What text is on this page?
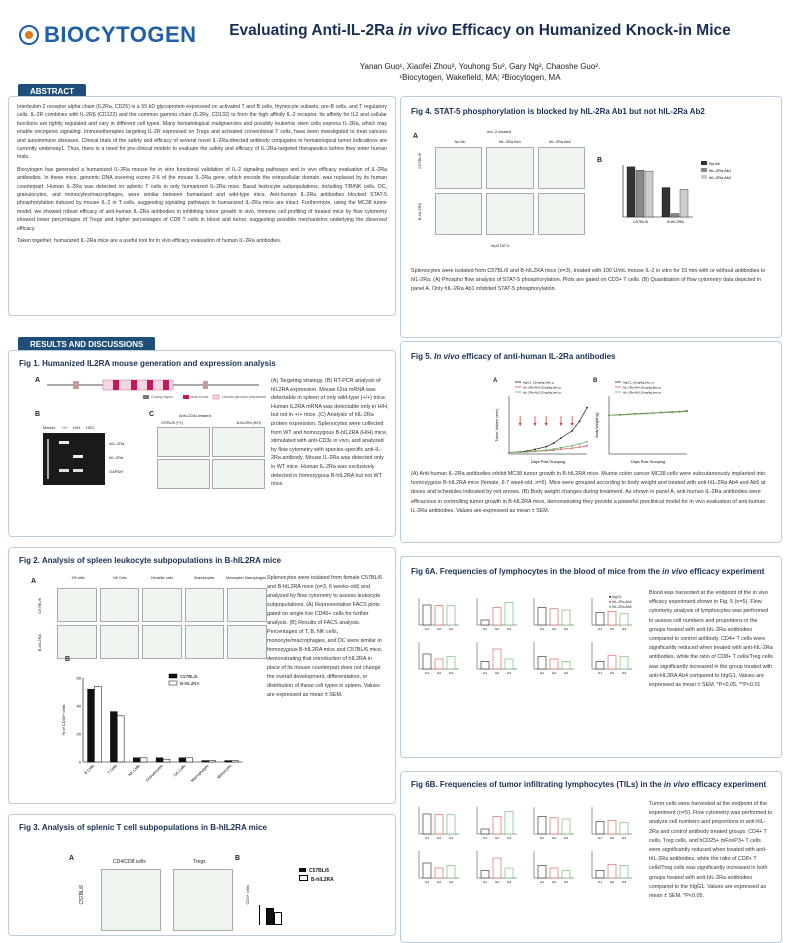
BIOCYTOGEN	Evaluating Anti-IL-2Ra in vivo Efficacy on Humanized Knock-in Mice
Yanan Guo¹, Xiaofei Zhou², Youhong Su², Gary Ng², Chaoshe Guo².
¹Biocytogen, Wakefield, MA; ²Biocytogen, MA
ABSTRACT

Interleukin-2 receptor alpha chain (IL2Ra, CD25) is a 55 kD glycoprotein expressed on activated T and B cells, thymocyte subsets, pre-B cells, and T regulatory cells. IL-2R combines with IL-2Rβ (CD122) and the common gamma chain (IL2Rγ, CD132) to form the high affinity IL-2 receptor. Its affinity for IL2 and cellular functions are tightly regulated and vary in different cell types. Many hematological malignancies and possibly leukemic stem cells express IL-2Ra, which may enable oncogenic signaling. Immunotherapies targeting IL-2R expressed on Tregs and activated conventional T cells, have been investigated to treat cancers and autoimmune diseases. Clinical trials of the safety and efficacy of several novel IL-2Ra-directed antibody conjugates in hematological tumor indications are currently underway1. Thus, there is a need for pre-clinical models to evaluate the safety and efficacy of IL-2Ra-targeted therapeutics before they enter human trials.

Biocytogen has generated a humanized IL-2Ra mouse for in vitro functional validation of IL-2 signaling pathways and in vivo efficacy evaluation of IL-2Ra antibodies. In these mice, genomic DNA covering exons 2-6 of the mouse IL-2Ra gene, which encode the extracellular domain, was replaced by its human counterpart. Human IL-2Ra was detected on splenic T cells in only humanized IL-2Ra mice. Basal leukocyte subpopulations, including T/B/NK cells, DC, granulocytes, and monocytes/macrophages, were similar between humanized and wild-type mice. Anti-human IL-2Ra antibodies blocked STAT-5 phosphorylation induced by mouse IL-2 in T cells, suggesting signaling pathways in humanized IL-2Ra mice are intact. Furthermore, using the MC38 tumor model, we showed robust efficacy of anti-human IL-2Ra antibodies in inhibiting tumor growth in vivo. Immune cell profiling of treated mice by flow cytometry showed lower percentages of Tregs and higher percentages of CD8 T cells in blood and tumor, suggesting possible mechanisms underlying the observed efficacy.

Taken together, humanized IL-2Ra mice are a useful tool for in vivo efficacy evaluation of human IL-2Ra antibodies.

RESULTS AND DISCUSSIONS
Fig 1. Humanized IL2RA mouse generation and expression analysis
A
Coding region	Human exons	Human genomic sequences
B
Marker +/+ H/H H2O
mIL-2Ra
hIL-2Ra
GAPDH
C	Anti-CD3ε-treated
C57BL/6 (+/+)	B-hIL2RA (H/H)
(A) Targeting strategy. (B) RT-PCR analysis of hIL2RA expression. Mouse Il2ra mRNA was detectable in spleen of only wild-type (+/+) mice. Human IL2RA mRNA was detectable only in H/H, but not in +/+ mice. (C) Analysis of hIL-2Ra protein expression. Splenocytes were collected from WT and homozygous B-hIL2RA (H/H) mice, stimulated with anti-CD3ε in vivo, and analyzed by flow cytometry with species-specific anti-IL-2Ra antibody. Mouse IL-2Ra was detected only in WT mice. Human IL-2Ra was exclusively detected in homozygous B-hIL2RA but not WT mice.
Fig 2. Analysis of spleen leukocyte subpopulations in B-hIL2RA mice
A	T/B cells	NK Cells	Dendritic cells	Granulocytes	Monocytes/ Macrophages
C57BL/6
B-hIL2RA
B
0
20
40
60
% of CD45+ cells
B Cells	T Cells	NK Cells Granulocytes DC Cells Macrophages Monocytes
C57BL/6
B-hIL2RA
Splenocytes were isolated from female C57BL/6 and B-hIL2RA mice (n=3, 6 weeks-old) and analyzed by flow cytometry to assess leukocyte subpopulations. (A) Representative FACS plots gated on single live CD45+ cells for further analysis. (B) Results of FACS analysis. Percentages of T, B, NK cells, monocyte/macrophages, and DC were similar in homozygous B-hIL2RA mice and C57BL/6 mice, demonstrating that introduction of hIL2RA in place of its mouse counterpart does not change the overall development, differentiation, or distribution of these cell types in spleen. Values are expressed as mean ± SEM.
Fig 3. Analysis of splenic T cell subpopulations in B-hIL2RA mice
A	CD4/CD8 cells	Tregs
C57BL/6
B
CD3+ cells
C57BL/6
B-hIL2RA
Fig 4. STAT-5 phosphorylation is blocked by hIL-2Ra Ab1 but not hIL-2Ra Ab2
A
mIL-2-treated
No Ab	hIL-2Ra Ab1	hIL-2Ra Ab2
C57BL/6
B-hIL2RA
mpSTAT-5
B
C57BL/6	B-hIL2RA
No Ab
hIL-2Ra Ab1
hIL-2Ra Ab2
Splenocytes were isolated from C57BL/6 and B-hIL2RA mice (n=3), treated with 100 U/mL mouse IL-2 in vitro for 15 min with or without antibodies to hIL-2Ra. (A) Phospho flow analysis of STAT-5 phosphorylation. Plots are gated on CD3+ T cells. (B) Quantitation of flow cytometry data depicted in panel A. Only hIL-2Ra Ab1 inhibited STAT-5 phosphorylation.
Fig 5. In vivo efficacy of anti-human IL-2Ra antibodies
A	hIgG1, 10mg/kg,biw,i.p.
hIL-2Ra Ab4,10mg/kg,biw,i.p.
hIL-2Ra Ab5,10mg/kg,biw,i.p.
Days Post Grouping
Tumor Volume (mm³)
B	hIgG1, 10mg/kg,biw,i.p.
hIL-2Ra Ab4,10mg/kg,biw,i.p.
hIL-2Ra Ab5,10mg/kg,biw,i.p.
Days Post Grouping
Body Weight (g)
(A) Anti-human IL-2Ra antibodies inhibit MC38 tumor growth in B-hIL2RA mice. Murine colon cancer MC38 cells were subcutaneously implanted into homozygous B-hIL2RA mice (female, 6-7 week-old, n=5). Mice were grouped according to body weight and treated with anti-hIL-2Ra Ab4 and Ab5 at doses and schedules indicated by red arrows. (B) Body weight changes during treatment. As shown in panel A, anti-human IL-2Ra antibodies were efficacious in controlling tumor growth in B-hIL2RA mice, demonstrating they provide a powerful preclinical model for in vivo evaluation of anti-human IL-2Ra antibodies. Values are expressed as mean ± SEM.
Fig 6A. Frequencies of lymphocytes in the blood of mice from the in vivo efficacy experiment
G1	G2	G3	G1	G2	G3	G1	G2	G3	G1	G2	G3
G1	G2	G3	G1	G2	G3	G1	G2	G3	G1	G2	G3
■ hIgG1
■ hIL-2Ra Ab4
■ hIL-2Ra Ab5
Blood was harvested at the endpoint of the in vivo efficacy experiment shown in Fig. 5 (n=5). Flow cytometry analysis of lymphocytes was performed to assess cell numbers and proportions in the groups treated with anti-hIL-2Ra antibodies compared to control antibody. CD4+ T cells were significantly reduced when treated with anti-hIL-2Ra antibodies, while the ratio of CD8+ T cells/Treg cells was significantly increased in the group treated with anti-hIL2RA Ab4 compared to hIgG1. Values are expressed as mean ± SEM. *P<0.05, **P<0.01
Fig 6B. Frequencies of tumor infiltrating lymphocytes (TILs) in the in vivo efficacy experiment
G1	G2	G3	G1	G2	G3	G1	G2	G3	G1	G2	G3
G1	G2	G3	G1	G2	G3	G1	G2	G3	G1	G2	G3
Tumor cells were harvested at the endpoint of the experiment (n=5). Flow cytometry was performed to analyze cell numbers and proportions in anti-hIL-2Ra and control antibody treated groups. CD4+ T cells, Treg cells, and hCD25+ mFoxP3+ T cells were significantly reduced when treated with anti-hIL-2Ra antibodies, while the ratio of CD8+ T cells/Treg cells was significantly increased in both groups treated with anti-hIL-2Ra antibodies compared to the hIgG1. Values are expressed as mean ± SEM. *P<0.05,
